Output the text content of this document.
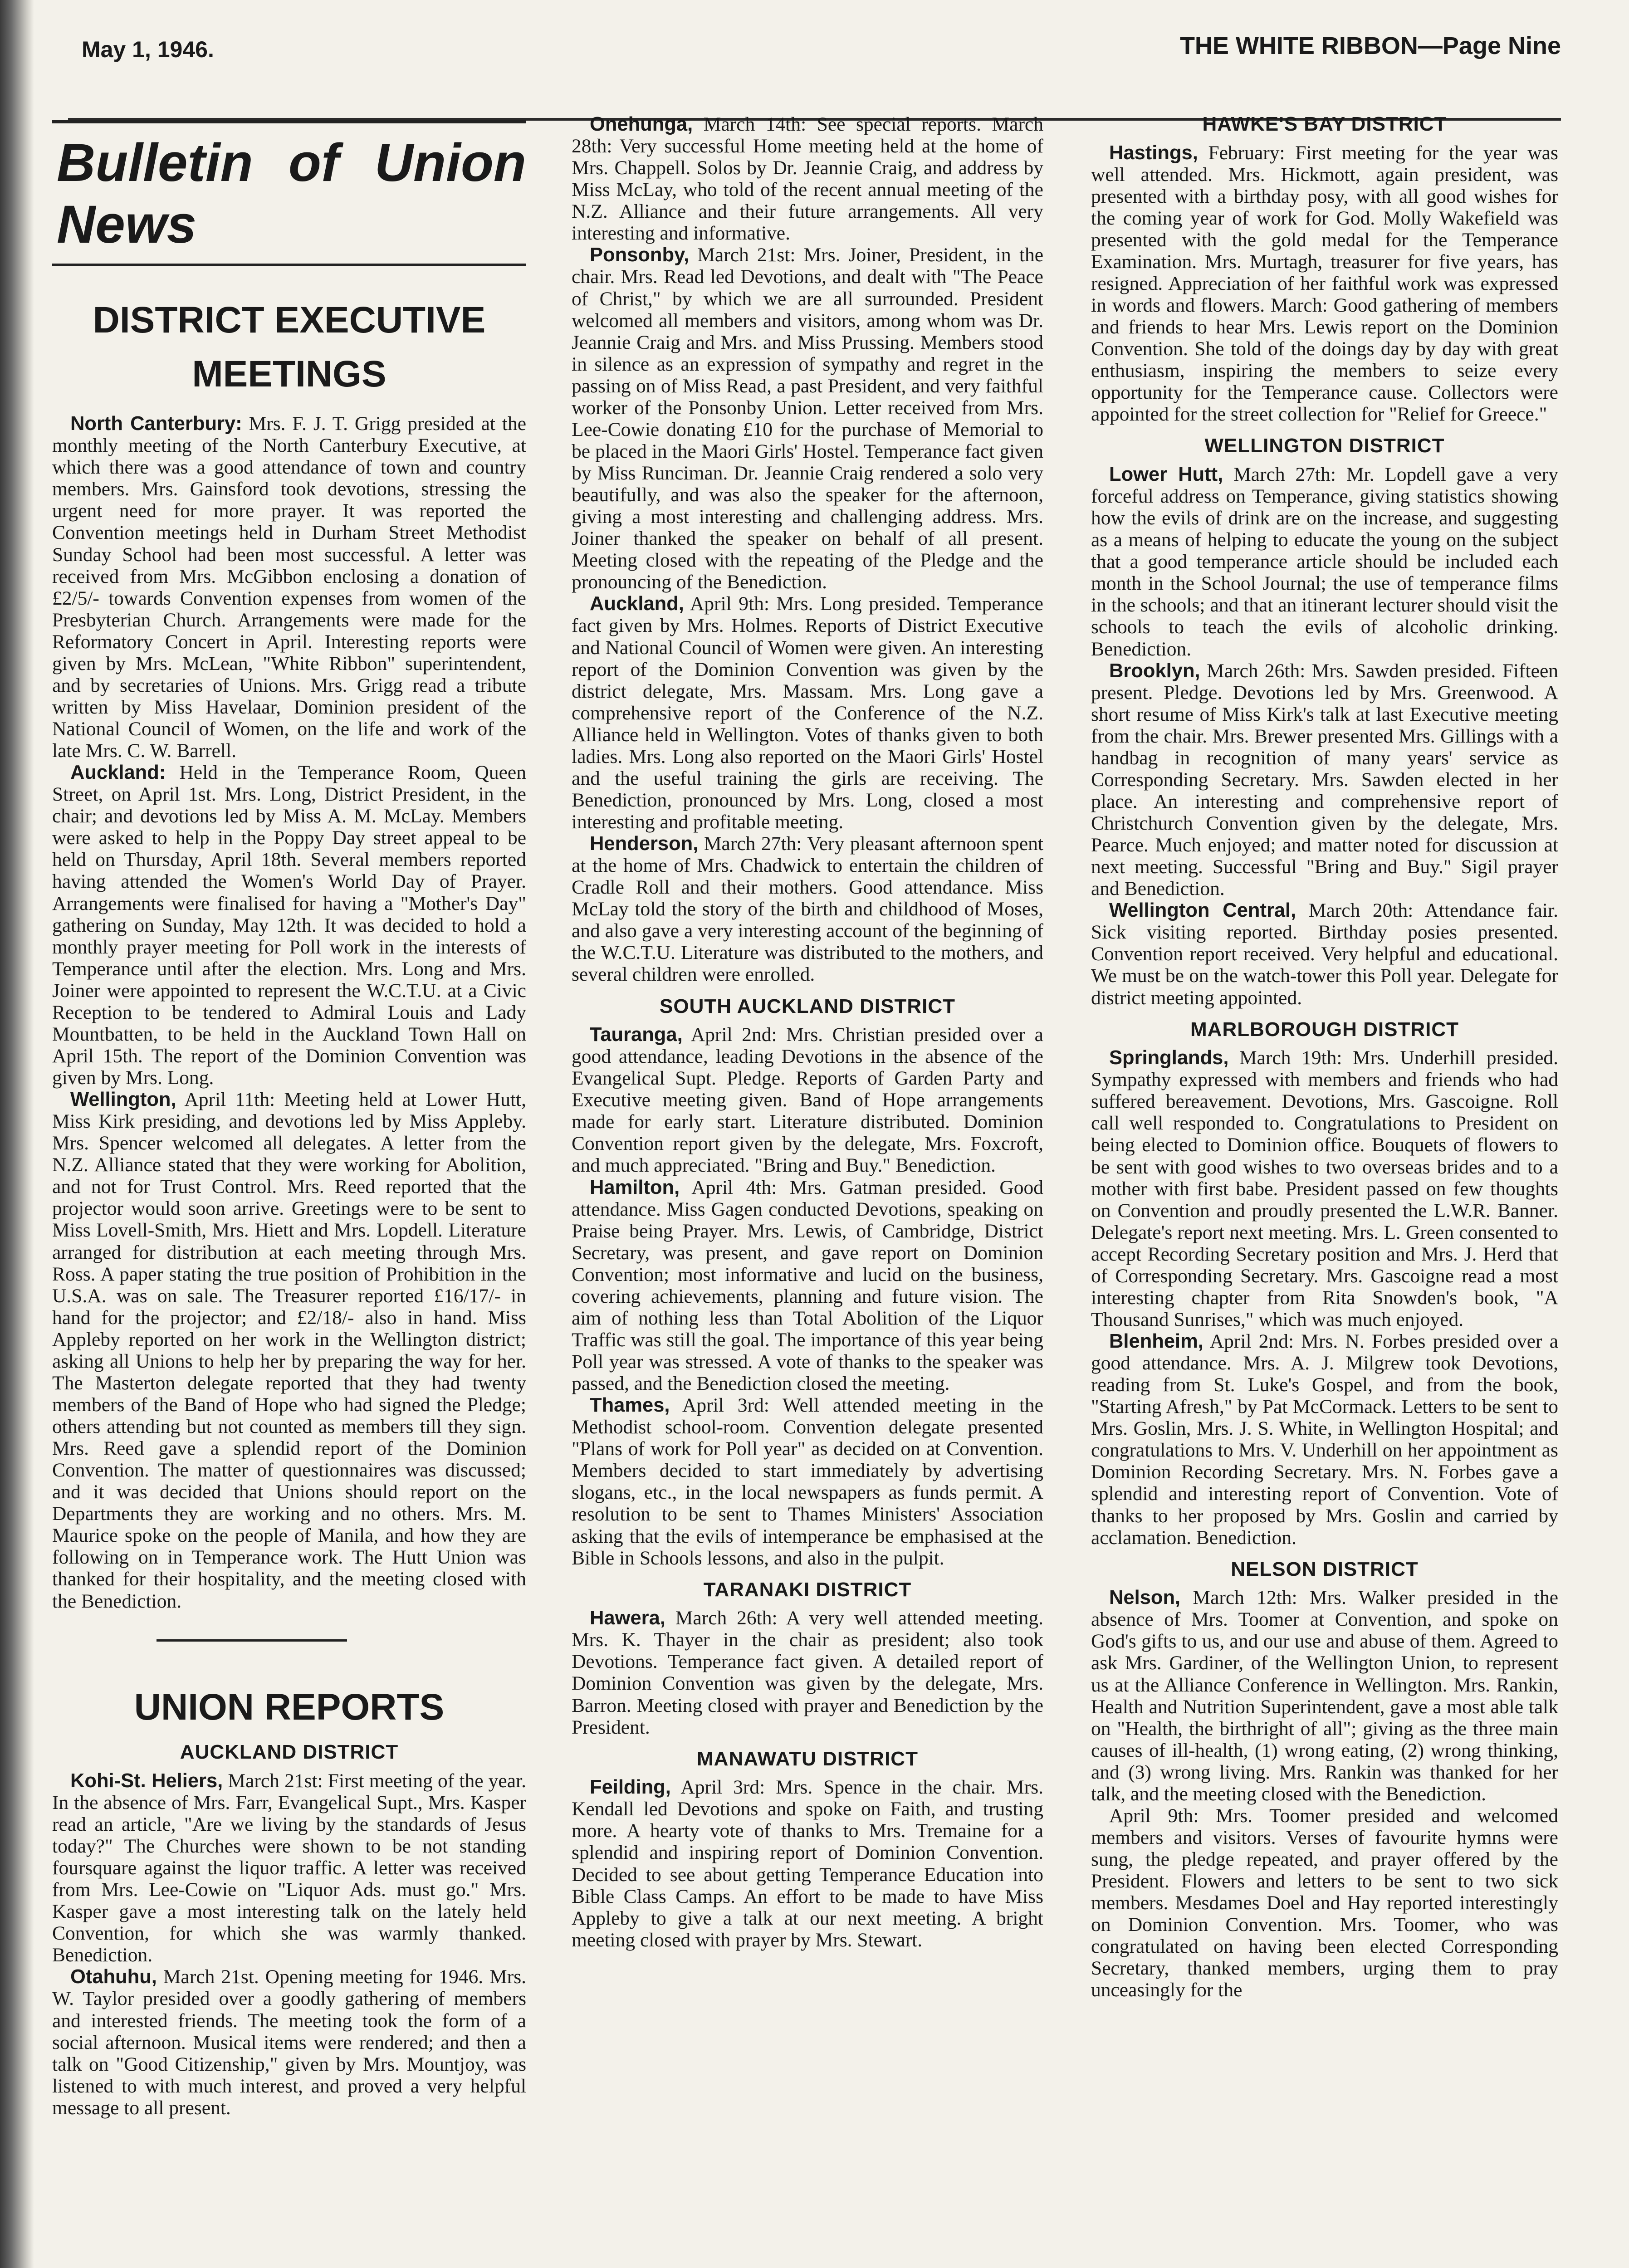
May 1, 1946.	THE WHITE RIBBON—Page Nine
Bulletin of Union News
DISTRICT EXECUTIVE
MEETINGS

North Canterbury: Mrs. F. J. T. Grigg presided at the monthly meeting of the North Canterbury Executive, at which there was a good attendance of town and country members. Mrs. Gainsford took devotions, stressing the urgent need for more prayer. It was reported the Convention meetings held in Durham Street Methodist Sunday School had been most successful. A letter was received from Mrs. McGibbon enclosing a donation of £2/5/- towards Convention expenses from women of the Presbyterian Church. Arrangements were made for the Reformatory Concert in April. Interesting reports were given by Mrs. McLean, "White Ribbon" superintendent, and by secretaries of Unions. Mrs. Grigg read a tribute written by Miss Havelaar, Dominion president of the National Council of Women, on the life and work of the late Mrs. C. W. Barrell.

Auckland: Held in the Temperance Room, Queen Street, on April 1st. Mrs. Long, District President, in the chair; and devotions led by Miss A. M. McLay. Members were asked to help in the Poppy Day street appeal to be held on Thursday, April 18th. Several members reported having attended the Women's World Day of Prayer. Arrangements were finalised for having a "Mother's Day" gathering on Sunday, May 12th. It was decided to hold a monthly prayer meeting for Poll work in the interests of Temperance until after the election. Mrs. Long and Mrs. Joiner were appointed to represent the W.C.T.U. at a Civic Reception to be tendered to Admiral Louis and Lady Mountbatten, to be held in the Auckland Town Hall on April 15th. The report of the Dominion Convention was given by Mrs. Long.

Wellington, April 11th: Meeting held at Lower Hutt, Miss Kirk presiding, and devotions led by Miss Appleby. Mrs. Spencer welcomed all delegates. A letter from the N.Z. Alliance stated that they were working for Abolition, and not for Trust Control. Mrs. Reed reported that the projector would soon arrive. Greetings were to be sent to Miss Lovell-Smith, Mrs. Hiett and Mrs. Lopdell. Literature arranged for distribution at each meeting through Mrs. Ross. A paper stating the true position of Prohibition in the U.S.A. was on sale. The Treasurer reported £16/17/- in hand for the projector; and £2/18/- also in hand. Miss Appleby reported on her work in the Wellington district; asking all Unions to help her by preparing the way for her. The Masterton delegate reported that they had twenty members of the Band of Hope who had signed the Pledge; others attending but not counted as members till they sign. Mrs. Reed gave a splendid report of the Dominion Convention. The matter of questionnaires was discussed; and it was decided that Unions should report on the Departments they are working and no others. Mrs. M. Maurice spoke on the people of Manila, and how they are following on in Temperance work. The Hutt Union was thanked for their hospitality, and the meeting closed with the Benediction.

UNION REPORTS
AUCKLAND DISTRICT

Kohi-St. Heliers, March 21st: First meeting of the year. In the absence of Mrs. Farr, Evangelical Supt., Mrs. Kasper read an article, "Are we living by the standards of Jesus today?" The Churches were shown to be not standing foursquare against the liquor traffic. A letter was received from Mrs. Lee-Cowie on "Liquor Ads. must go." Mrs. Kasper gave a most interesting talk on the lately held Convention, for which she was warmly thanked. Benediction.

Otahuhu, March 21st. Opening meeting for 1946. Mrs. W. Taylor presided over a goodly gathering of members and interested friends. The meeting took the form of a social afternoon. Musical items were rendered; and then a talk on "Good Citizenship," given by Mrs. Mountjoy, was listened to with much interest, and proved a very helpful message to all present.

Onehunga, March 14th: See special reports. March 28th: Very successful Home meeting held at the home of Mrs. Chappell. Solos by Dr. Jeannie Craig, and address by Miss McLay, who told of the recent annual meeting of the N.Z. Alliance and their future arrangements. All very interesting and informative.

Ponsonby, March 21st: Mrs. Joiner, President, in the chair. Mrs. Read led Devotions, and dealt with "The Peace of Christ," by which we are all surrounded. President welcomed all members and visitors, among whom was Dr. Jeannie Craig and Mrs. and Miss Prussing. Members stood in silence as an expression of sympathy and regret in the passing on of Miss Read, a past President, and very faithful worker of the Ponsonby Union. Letter received from Mrs. Lee-Cowie donating £10 for the purchase of Memorial to be placed in the Maori Girls' Hostel. Temperance fact given by Miss Runciman. Dr. Jeannie Craig rendered a solo very beautifully, and was also the speaker for the afternoon, giving a most interesting and challenging address. Mrs. Joiner thanked the speaker on behalf of all present. Meeting closed with the repeating of the Pledge and the pronouncing of the Benediction.

Auckland, April 9th: Mrs. Long presided. Temperance fact given by Mrs. Holmes. Reports of District Executive and National Council of Women were given. An interesting report of the Dominion Convention was given by the district delegate, Mrs. Massam. Mrs. Long gave a comprehensive report of the Conference of the N.Z. Alliance held in Wellington. Votes of thanks given to both ladies. Mrs. Long also reported on the Maori Girls' Hostel and the useful training the girls are receiving. The Benediction, pronounced by Mrs. Long, closed a most interesting and profitable meeting.

Henderson, March 27th: Very pleasant afternoon spent at the home of Mrs. Chadwick to entertain the children of Cradle Roll and their mothers. Good attendance. Miss McLay told the story of the birth and childhood of Moses, and also gave a very interesting account of the beginning of the W.C.T.U. Literature was distributed to the mothers, and several children were enrolled.

SOUTH AUCKLAND DISTRICT

Tauranga, April 2nd: Mrs. Christian presided over a good attendance, leading Devotions in the absence of the Evangelical Supt. Pledge. Reports of Garden Party and Executive meeting given. Band of Hope arrangements made for early start. Literature distributed. Dominion Convention report given by the delegate, Mrs. Foxcroft, and much appreciated. "Bring and Buy." Benediction.

Hamilton, April 4th: Mrs. Gatman presided. Good attendance. Miss Gagen conducted Devotions, speaking on Praise being Prayer. Mrs. Lewis, of Cambridge, District Secretary, was present, and gave report on Dominion Convention; most informative and lucid on the business, covering achievements, planning and future vision. The aim of nothing less than Total Abolition of the Liquor Traffic was still the goal. The importance of this year being Poll year was stressed. A vote of thanks to the speaker was passed, and the Benediction closed the meeting.

Thames, April 3rd: Well attended meeting in the Methodist school-room. Convention delegate presented "Plans of work for Poll year" as decided on at Convention. Members decided to start immediately by advertising slogans, etc., in the local newspapers as funds permit. A resolution to be sent to Thames Ministers' Association asking that the evils of intemperance be emphasised at the Bible in Schools lessons, and also in the pulpit.

TARANAKI DISTRICT

Hawera, March 26th: A very well attended meeting. Mrs. K. Thayer in the chair as president; also took Devotions. Temperance fact given. A detailed report of Dominion Convention was given by the delegate, Mrs. Barron. Meeting closed with prayer and Benediction by the President.

MANAWATU DISTRICT

Feilding, April 3rd: Mrs. Spence in the chair. Mrs. Kendall led Devotions and spoke on Faith, and trusting more. A hearty vote of thanks to Mrs. Tremaine for a splendid and inspiring report of Dominion Convention. Decided to see about getting Temperance Education into Bible Class Camps. An effort to be made to have Miss Appleby to give a talk at our next meeting. A bright meeting closed with prayer by Mrs. Stewart.

HAWKE'S BAY DISTRICT

Hastings, February: First meeting for the year was well attended. Mrs. Hickmott, again president, was presented with a birthday posy, with all good wishes for the coming year of work for God. Molly Wakefield was presented with the gold medal for the Temperance Examination. Mrs. Murtagh, treasurer for five years, has resigned. Appreciation of her faithful work was expressed in words and flowers. March: Good gathering of members and friends to hear Mrs. Lewis report on the Dominion Convention. She told of the doings day by day with great enthusiasm, inspiring the members to seize every opportunity for the Temperance cause. Collectors were appointed for the street collection for "Relief for Greece."

WELLINGTON DISTRICT

Lower Hutt, March 27th: Mr. Lopdell gave a very forceful address on Temperance, giving statistics showing how the evils of drink are on the increase, and suggesting as a means of helping to educate the young on the subject that a good temperance article should be included each month in the School Journal; the use of temperance films in the schools; and that an itinerant lecturer should visit the schools to teach the evils of alcoholic drinking. Benediction.

Brooklyn, March 26th: Mrs. Sawden presided. Fifteen present. Pledge. Devotions led by Mrs. Greenwood. A short resume of Miss Kirk's talk at last Executive meeting from the chair. Mrs. Brewer presented Mrs. Gillings with a handbag in recognition of many years' service as Corresponding Secretary. Mrs. Sawden elected in her place. An interesting and comprehensive report of Christchurch Convention given by the delegate, Mrs. Pearce. Much enjoyed; and matter noted for discussion at next meeting. Successful "Bring and Buy." Sigil prayer and Benediction.

Wellington Central, March 20th: Attendance fair. Sick visiting reported. Birthday posies presented. Convention report received. Very helpful and educational. We must be on the watch-tower this Poll year. Delegate for district meeting appointed.

MARLBOROUGH DISTRICT

Springlands, March 19th: Mrs. Underhill presided. Sympathy expressed with members and friends who had suffered bereavement. Devotions, Mrs. Gascoigne. Roll call well responded to. Congratulations to President on being elected to Dominion office. Bouquets of flowers to be sent with good wishes to two overseas brides and to a mother with first babe. President passed on few thoughts on Convention and proudly presented the L.W.R. Banner. Delegate's report next meeting. Mrs. L. Green consented to accept Recording Secretary position and Mrs. J. Herd that of Corresponding Secretary. Mrs. Gascoigne read a most interesting chapter from Rita Snowden's book, "A Thousand Sunrises," which was much enjoyed.

Blenheim, April 2nd: Mrs. N. Forbes presided over a good attendance. Mrs. A. J. Milgrew took Devotions, reading from St. Luke's Gospel, and from the book, "Starting Afresh," by Pat McCormack. Letters to be sent to Mrs. Goslin, Mrs. J. S. White, in Wellington Hospital; and congratulations to Mrs. V. Underhill on her appointment as Dominion Recording Secretary. Mrs. N. Forbes gave a splendid and interesting report of Convention. Vote of thanks to her proposed by Mrs. Goslin and carried by acclamation. Benediction.

NELSON DISTRICT

Nelson, March 12th: Mrs. Walker presided in the absence of Mrs. Toomer at Convention, and spoke on God's gifts to us, and our use and abuse of them. Agreed to ask Mrs. Gardiner, of the Wellington Union, to represent us at the Alliance Conference in Wellington. Mrs. Rankin, Health and Nutrition Superintendent, gave a most able talk on "Health, the birthright of all"; giving as the three main causes of ill-health, (1) wrong eating, (2) wrong thinking, and (3) wrong living. Mrs. Rankin was thanked for her talk, and the meeting closed with the Benediction.

April 9th: Mrs. Toomer presided and welcomed members and visitors. Verses of favourite hymns were sung, the pledge repeated, and prayer offered by the President. Flowers and letters to be sent to two sick members. Mesdames Doel and Hay reported interestingly on Dominion Convention. Mrs. Toomer, who was congratulated on having been elected Corresponding Secretary, thanked members, urging them to pray unceasingly for the
